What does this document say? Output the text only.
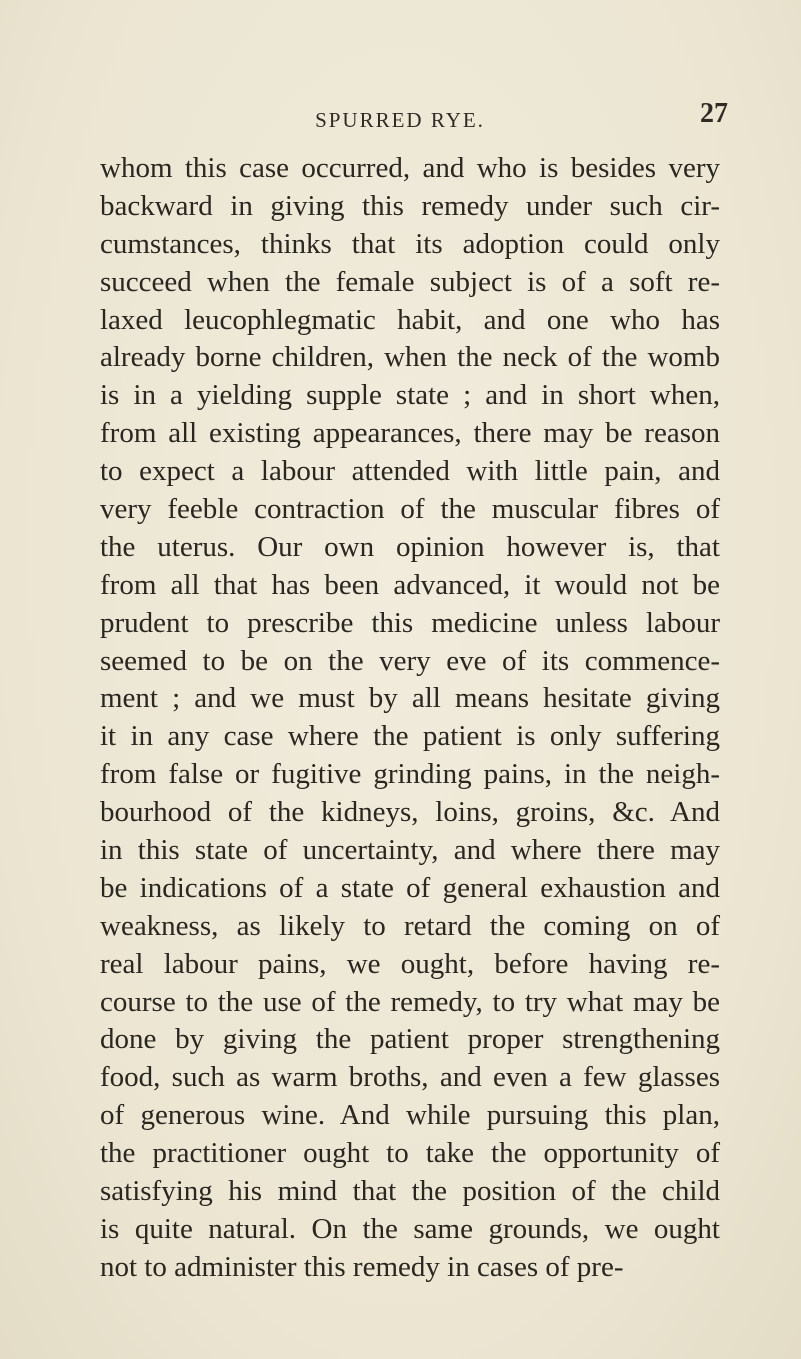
SPURRED RYE.	27
whom this case occurred, and who is besides very
backward in giving this remedy under such cir-
cumstances, thinks that its adoption could only
succeed when the female subject is of a soft re-
laxed leucophlegmatic habit, and one who has
already borne children, when the neck of the womb
is in a yielding supple state ; and in short when,
from all existing appearances, there may be reason
to expect a labour attended with little pain, and
very feeble contraction of the muscular fibres of
the uterus. Our own opinion however is, that
from all that has been advanced, it would not be
prudent to prescribe this medicine unless labour
seemed to be on the very eve of its commence-
ment ; and we must by all means hesitate giving
it in any case where the patient is only suffering
from false or fugitive grinding pains, in the neigh-
bourhood of the kidneys, loins, groins, &c. And
in this state of uncertainty, and where there may
be indications of a state of general exhaustion and
weakness, as likely to retard the coming on of
real labour pains, we ought, before having re-
course to the use of the remedy, to try what may be
done by giving the patient proper strengthening
food, such as warm broths, and even a few glasses
of generous wine. And while pursuing this plan,
the practitioner ought to take the opportunity of
satisfying his mind that the position of the child
is quite natural. On the same grounds, we ought
not to administer this remedy in cases of pre-
